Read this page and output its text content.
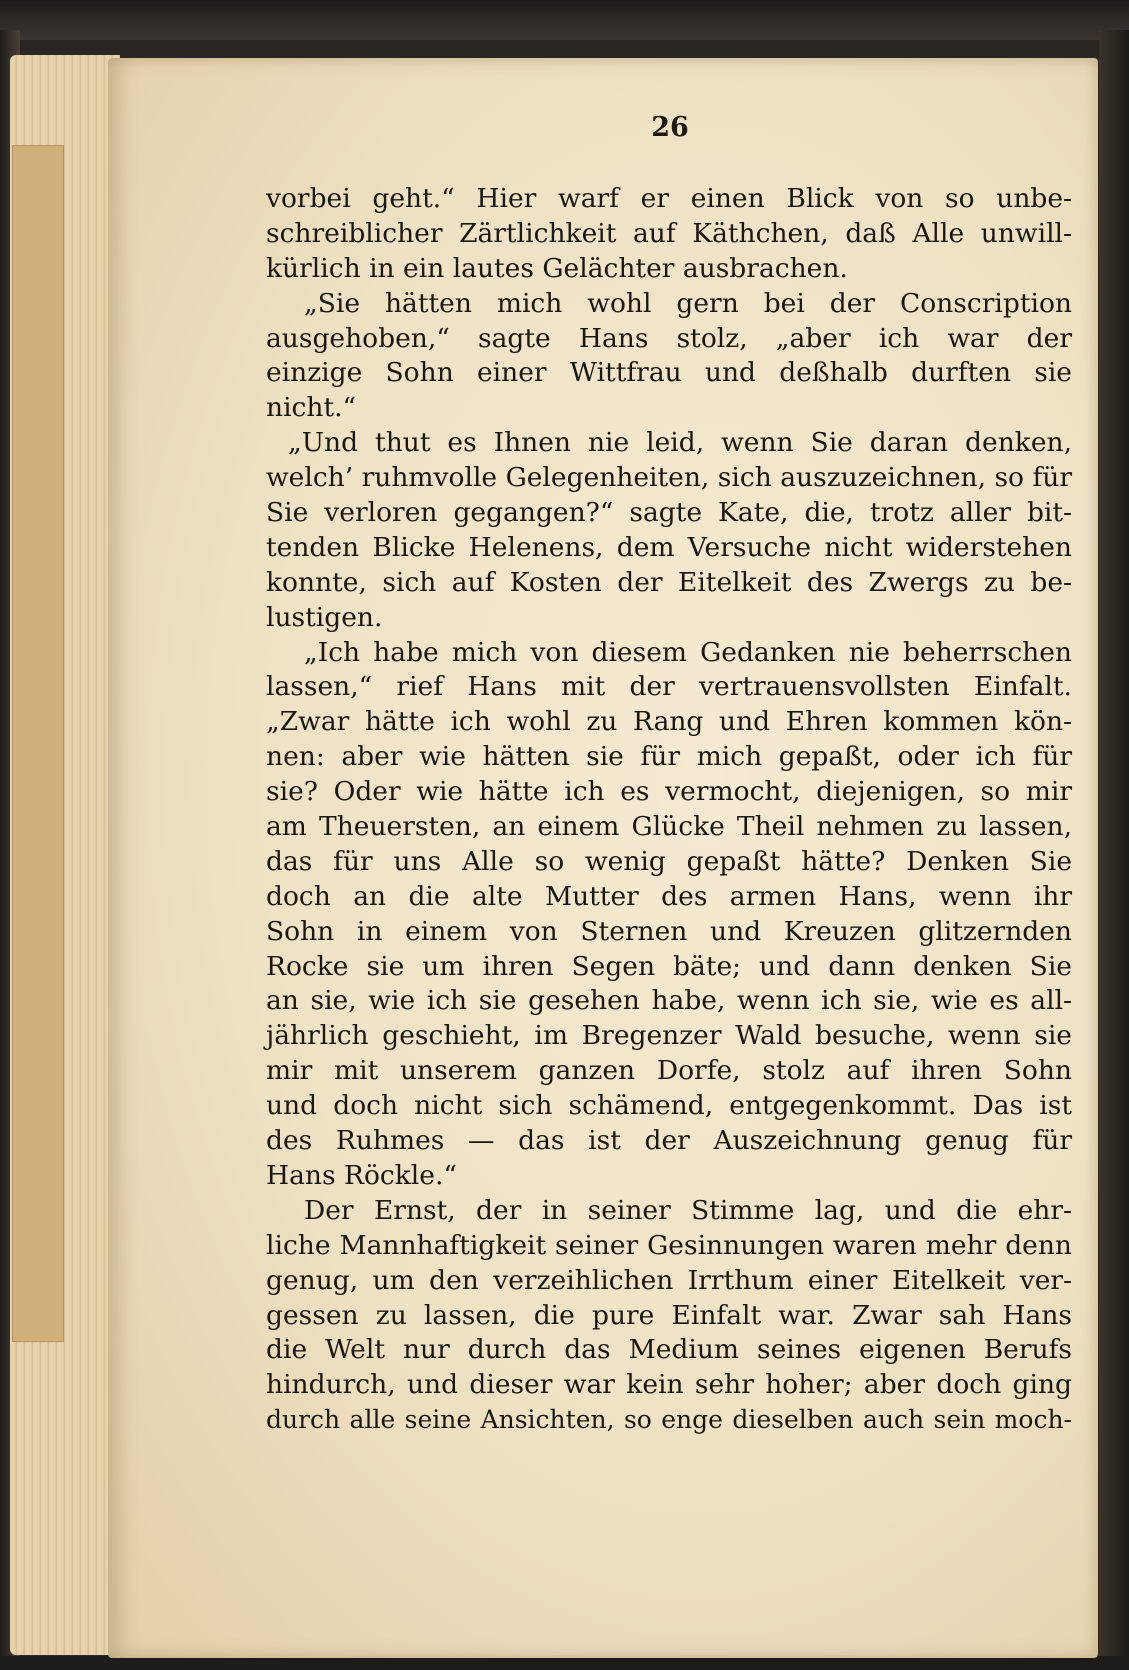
26
vorbei geht.“ Hier warf er einen Blick von so unbe-
schreiblicher Zärtlichkeit auf Käthchen, daß Alle unwill-
kürlich in ein lautes Gelächter ausbrachen.
„Sie hätten mich wohl gern bei der Conscription
ausgehoben,“ sagte Hans stolz, „aber ich war der
einzige Sohn einer Wittfrau und deßhalb durften sie
nicht.“
„Und thut es Ihnen nie leid, wenn Sie daran denken,
welch’ ruhmvolle Gelegenheiten, sich auszuzeichnen, so für
Sie verloren gegangen?“ sagte Kate, die, trotz aller bit-
tenden Blicke Helenens, dem Versuche nicht widerstehen
konnte, sich auf Kosten der Eitelkeit des Zwergs zu be-
lustigen.
„Ich habe mich von diesem Gedanken nie beherrschen
lassen,“ rief Hans mit der vertrauensvollsten Einfalt.
„Zwar hätte ich wohl zu Rang und Ehren kommen kön-
nen: aber wie hätten sie für mich gepaßt, oder ich für
sie? Oder wie hätte ich es vermocht, diejenigen, so mir
am Theuersten, an einem Glücke Theil nehmen zu lassen,
das für uns Alle so wenig gepaßt hätte? Denken Sie
doch an die alte Mutter des armen Hans, wenn ihr
Sohn in einem von Sternen und Kreuzen glitzernden
Rocke sie um ihren Segen bäte; und dann denken Sie
an sie, wie ich sie gesehen habe, wenn ich sie, wie es all-
jährlich geschieht, im Bregenzer Wald besuche, wenn sie
mir mit unserem ganzen Dorfe, stolz auf ihren Sohn
und doch nicht sich schämend, entgegenkommt. Das ist
des Ruhmes — das ist der Auszeichnung genug für
Hans Röckle.“
Der Ernst, der in seiner Stimme lag, und die ehr-
liche Mannhaftigkeit seiner Gesinnungen waren mehr denn
genug, um den verzeihlichen Irrthum einer Eitelkeit ver-
gessen zu lassen, die pure Einfalt war. Zwar sah Hans
die Welt nur durch das Medium seines eigenen Berufs
hindurch, und dieser war kein sehr hoher; aber doch ging
durch alle seine Ansichten, so enge dieselben auch sein moch-
